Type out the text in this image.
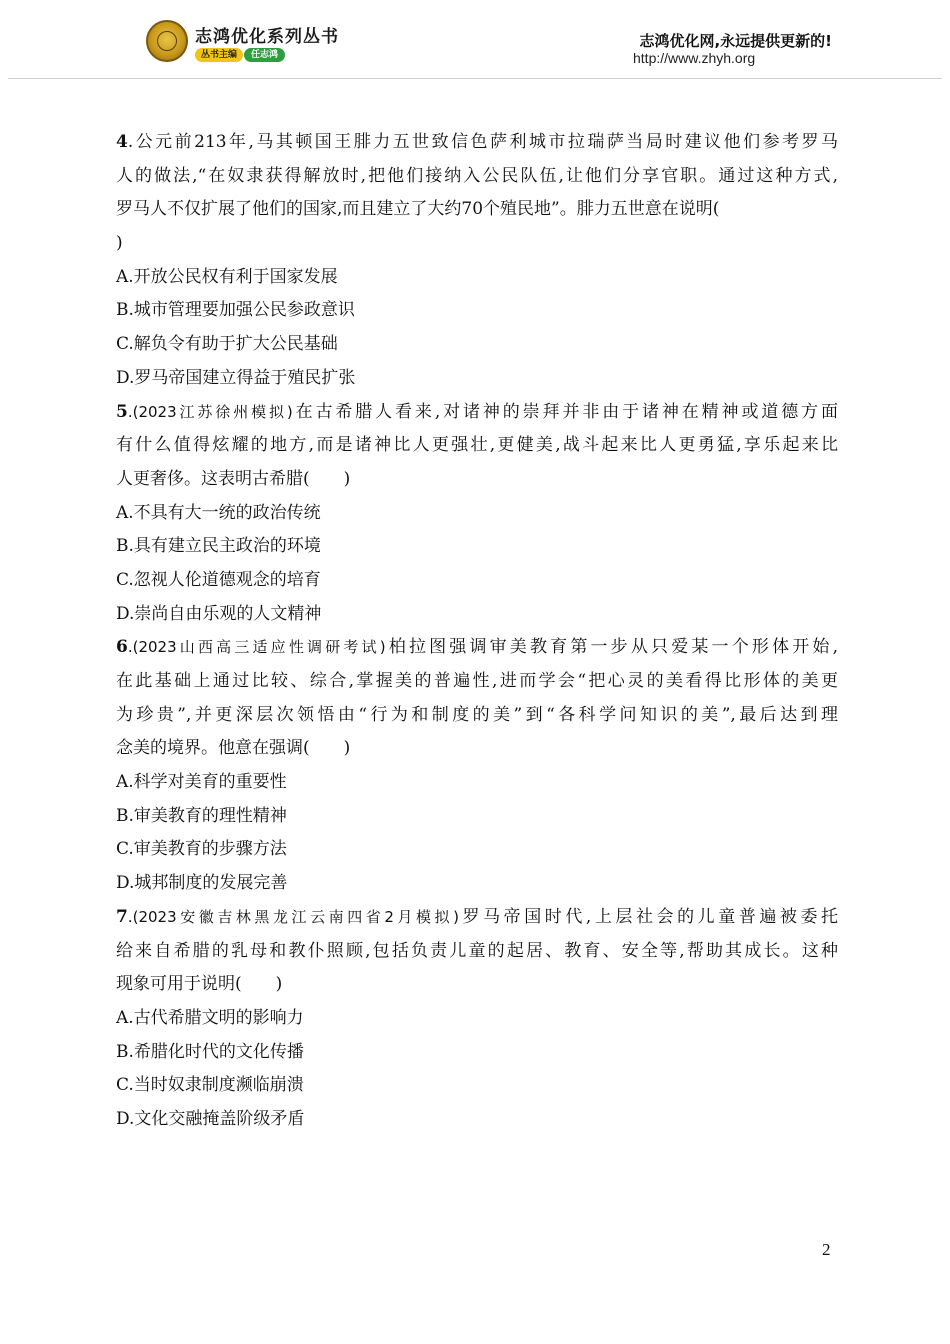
志鸿优化系列丛书
丛书主编	任志鸿
志鸿优化网,永远提供更新的!
http://www.zhyh.org
4.公元前213年,马其顿国王腓力五世致信色萨利城市拉瑞萨当局时建议他们参考罗马
人的做法,“在奴隶获得解放时,把他们接纳入公民队伍,让他们分享官职。通过这种方式,
罗马人不仅扩展了他们的国家,而且建立了大约70个殖民地”。腓力五世意在说明(
)
A.开放公民权有利于国家发展
B.城市管理要加强公民参政意识
C.解负令有助于扩大公民基础
D.罗马帝国建立得益于殖民扩张
5.(2023江苏徐州模拟)在古希腊人看来,对诸神的崇拜并非由于诸神在精神或道德方面
有什么值得炫耀的地方,而是诸神比人更强壮,更健美,战斗起来比人更勇猛,享乐起来比
人更奢侈。这表明古希腊(　　)
A.不具有大一统的政治传统
B.具有建立民主政治的环境
C.忽视人伦道德观念的培育
D.崇尚自由乐观的人文精神
6.(2023山西高三适应性调研考试)柏拉图强调审美教育第一步从只爱某一个形体开始,
在此基础上通过比较、综合,掌握美的普遍性,进而学会“把心灵的美看得比形体的美更
为珍贵”,并更深层次领悟由“行为和制度的美”到“各科学问知识的美”,最后达到理
念美的境界。他意在强调(　　)
A.科学对美育的重要性
B.审美教育的理性精神
C.审美教育的步骤方法
D.城邦制度的发展完善
7.(2023安徽吉林黑龙江云南四省2月模拟)罗马帝国时代,上层社会的儿童普遍被委托
给来自希腊的乳母和教仆照顾,包括负责儿童的起居、教育、安全等,帮助其成长。这种
现象可用于说明(　　)
A.古代希腊文明的影响力
B.希腊化时代的文化传播
C.当时奴隶制度濒临崩溃
D.文化交融掩盖阶级矛盾
2
